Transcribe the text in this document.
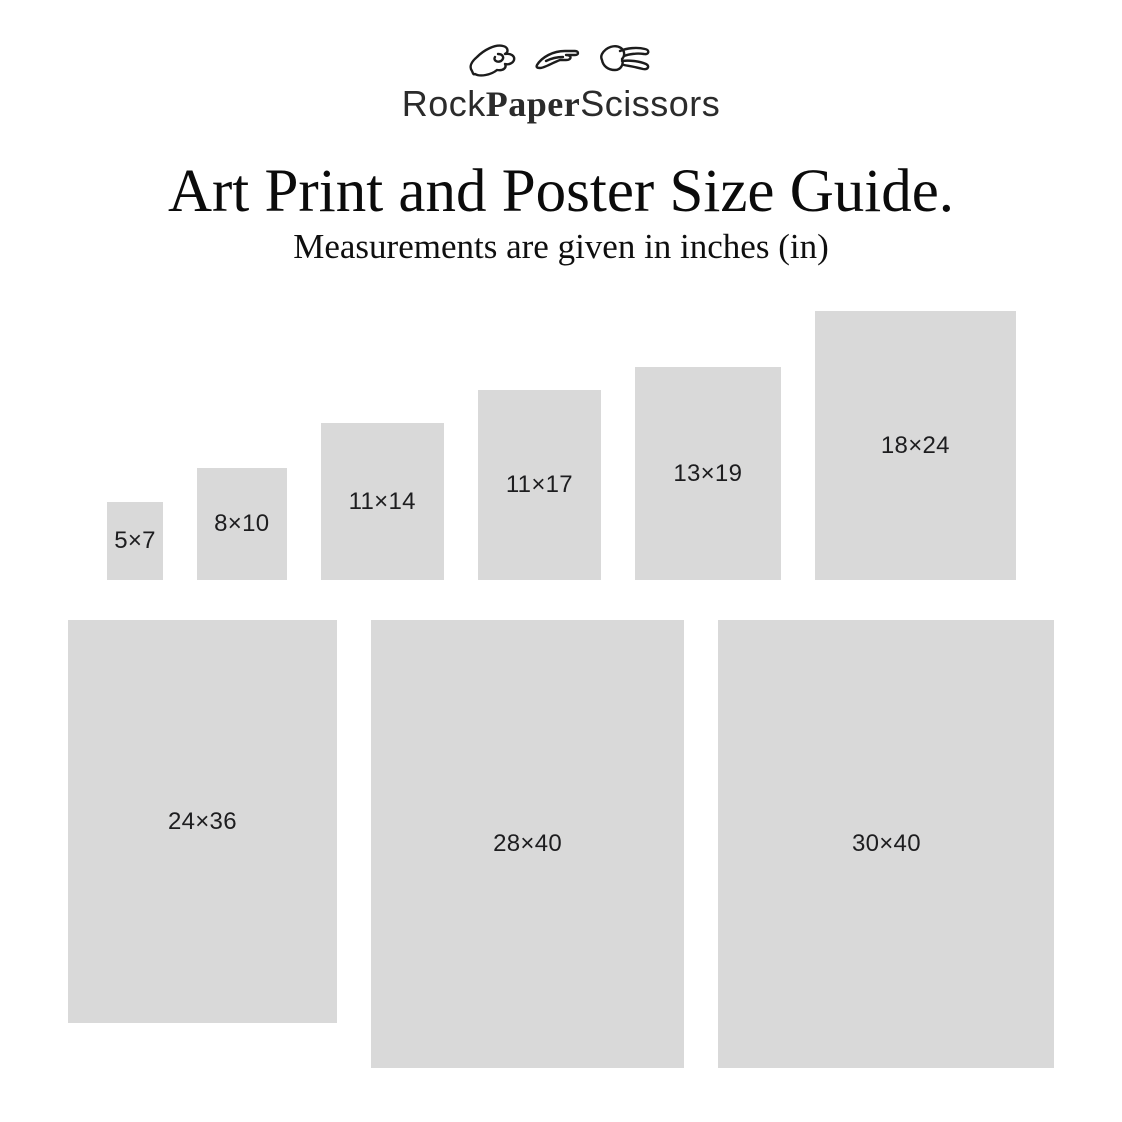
RockPaperScissors
Art Print and Poster Size Guide.
Measurements are given in inches (in)
5×7
8×10
11×14
11×17	13×19
18×24
24×36
28×40	30×40
